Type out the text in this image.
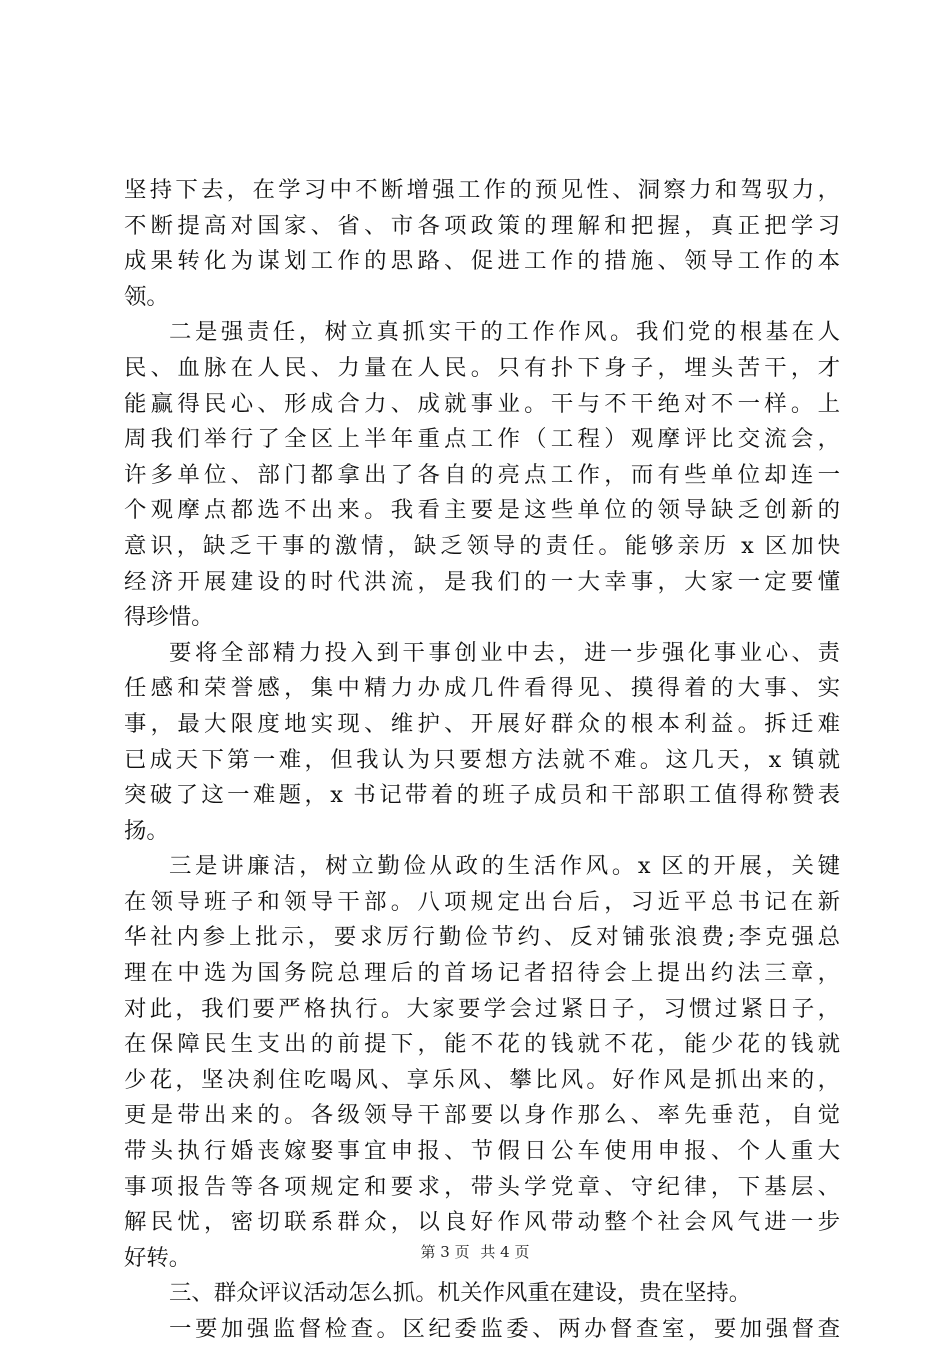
坚持下去，在学习中不断增强工作的预见性、洞察力和驾驭力，
不断提高对国家、省、市各项政策的理解和把握，真正把学习
成果转化为谋划工作的思路、促进工作的措施、领导工作的本
领。
二是强责任，树立真抓实干的工作作风。我们党的根基在人
民、血脉在人民、力量在人民。只有扑下身子，埋头苦干，才
能赢得民心、形成合力、成就事业。干与不干绝对不一样。上
周我们举行了全区上半年重点工作（工程）观摩评比交流会，
许多单位、部门都拿出了各自的亮点工作，而有些单位却连一
个观摩点都选不出来。我看主要是这些单位的领导缺乏创新的
意识，缺乏干事的激情，缺乏领导的责任。能够亲历 x 区加快
经济开展建设的时代洪流，是我们的一大幸事，大家一定要懂
得珍惜。
要将全部精力投入到干事创业中去，进一步强化事业心、责
任感和荣誉感，集中精力办成几件看得见、摸得着的大事、实
事，最大限度地实现、维护、开展好群众的根本利益。拆迁难
已成天下第一难，但我认为只要想方法就不难。这几天，x 镇就
突破了这一难题，x 书记带着的班子成员和干部职工值得称赞表
扬。
三是讲廉洁，树立勤俭从政的生活作风。x 区的开展，关键
在领导班子和领导干部。八项规定出台后，习近平总书记在新
华社内参上批示，要求厉行勤俭节约、反对铺张浪费;李克强总
理在中选为国务院总理后的首场记者招待会上提出约法三章，
对此，我们要严格执行。大家要学会过紧日子，习惯过紧日子，
在保障民生支出的前提下，能不花的钱就不花，能少花的钱就
少花，坚决刹住吃喝风、享乐风、攀比风。好作风是抓出来的，
更是带出来的。各级领导干部要以身作那么、率先垂范，自觉
带头执行婚丧嫁娶事宜申报、节假日公车使用申报、个人重大
事项报告等各项规定和要求，带头学党章、守纪律，下基层、
解民忧，密切联系群众，以良好作风带动整个社会风气进一步
好转。
三、群众评议活动怎么抓。机关作风重在建设，贵在坚持。
一要加强监督检查。区纪委监委、两办督查室，要加强督查
第 3 页 共 4 页
